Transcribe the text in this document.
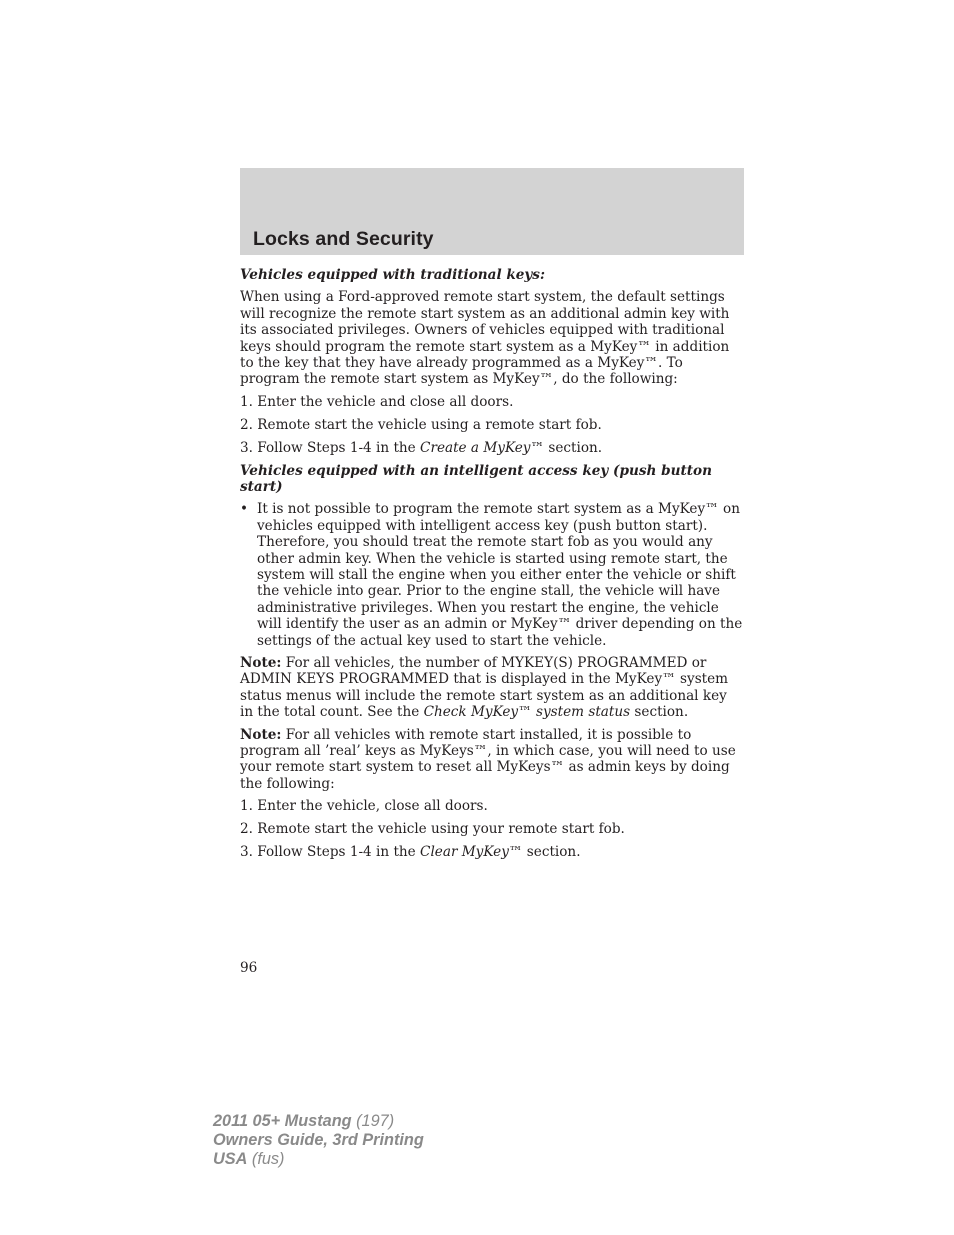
Locks and Security

Vehicles equipped with traditional keys:

When using a Ford-approved remote start system, the default settings will recognize the remote start system as an additional admin key with its associated privileges. Owners of vehicles equipped with traditional keys should program the remote start system as a MyKey™ in addition to the key that they have already programmed as a MyKey™. To program the remote start system as MyKey™, do the following:

1. Enter the vehicle and close all doors.

2. Remote start the vehicle using a remote start fob.

3. Follow Steps 1-4 in the Create a MyKey™ section.

Vehicles equipped with an intelligent access key (push button start)

• It is not possible to program the remote start system as a MyKey™ on vehicles equipped with intelligent access key (push button start). Therefore, you should treat the remote start fob as you would any other admin key. When the vehicle is started using remote start, the system will stall the engine when you either enter the vehicle or shift the vehicle into gear. Prior to the engine stall, the vehicle will have administrative privileges. When you restart the engine, the vehicle will identify the user as an admin or MyKey™ driver depending on the settings of the actual key used to start the vehicle.

Note: For all vehicles, the number of MYKEY(S) PROGRAMMED or ADMIN KEYS PROGRAMMED that is displayed in the MyKey™ system status menus will include the remote start system as an additional key in the total count. See the Check MyKey™ system status section.

Note: For all vehicles with remote start installed, it is possible to program all ’real’ keys as MyKeys™, in which case, you will need to use your remote start system to reset all MyKeys™ as admin keys by doing the following:

1. Enter the vehicle, close all doors.

2. Remote start the vehicle using your remote start fob.

3. Follow Steps 1-4 in the Clear MyKey™ section.

96

2011 05+ Mustang (197)
Owners Guide, 3rd Printing
USA (fus)
